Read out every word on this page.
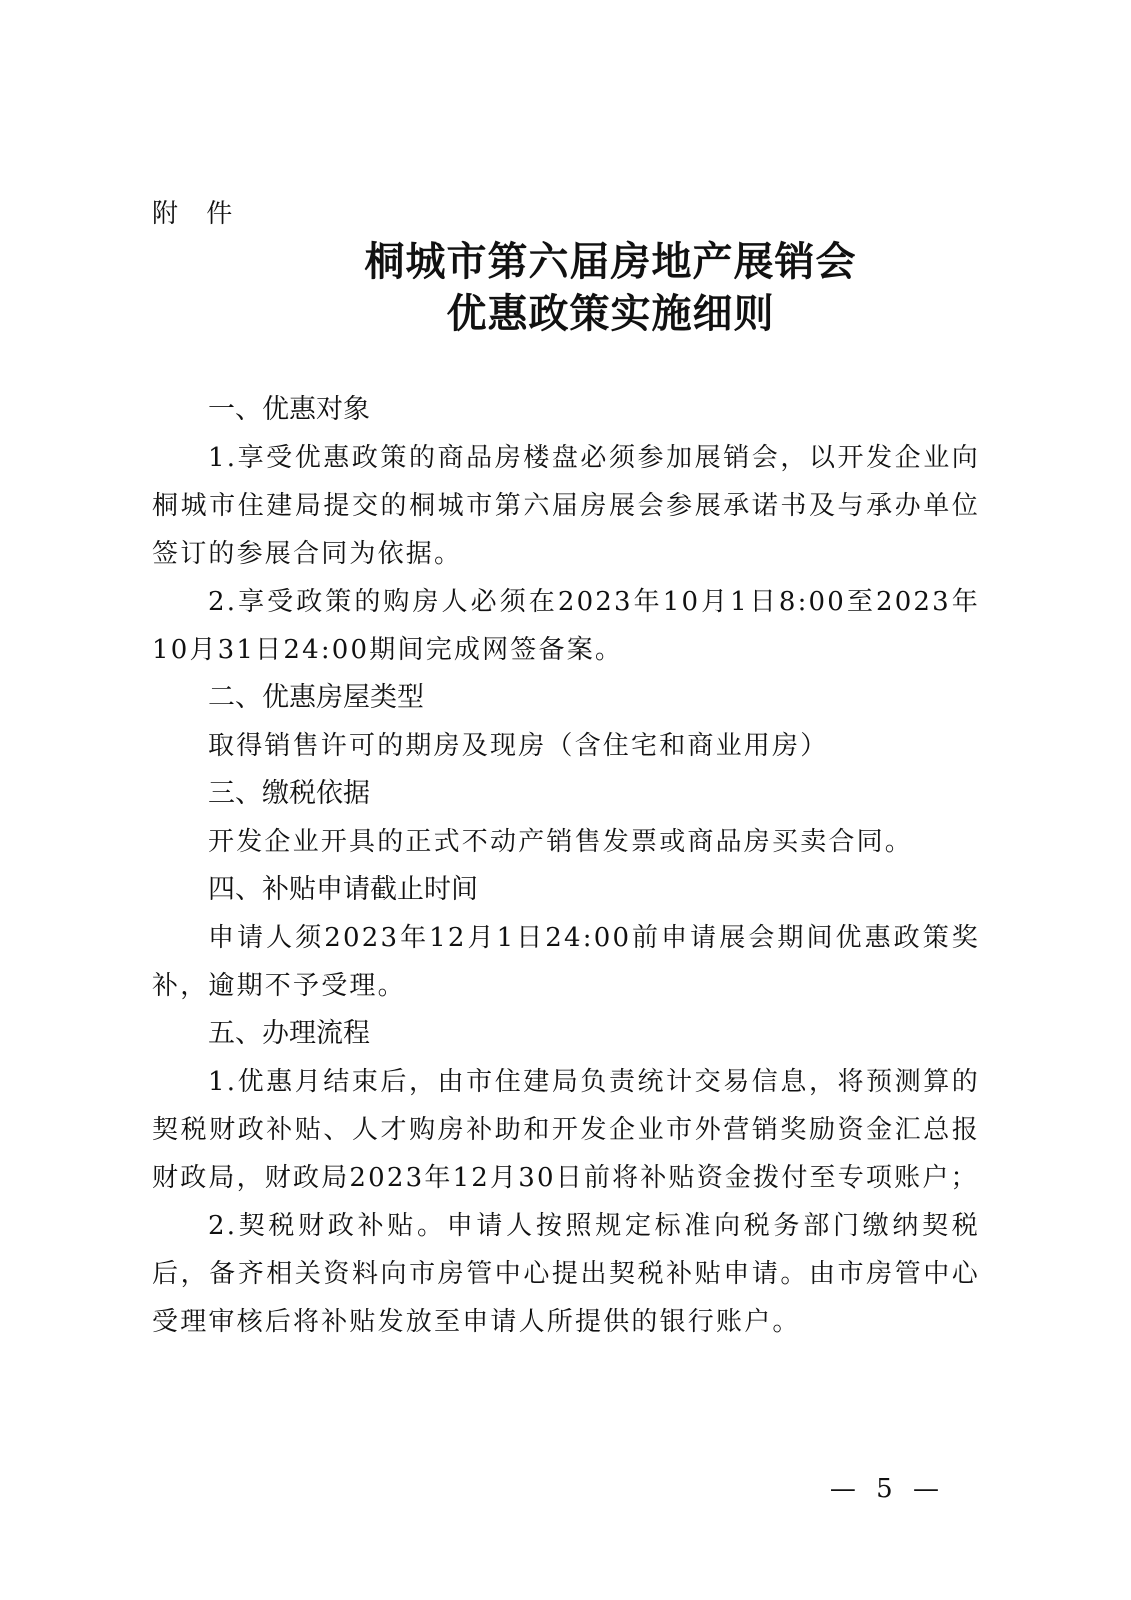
附 件
桐城市第六届房地产展销会
优惠政策实施细则

一、优惠对象

1.享受优惠政策的商品房楼盘必须参加展销会，以开发企业向桐城市住建局提交的桐城市第六届房展会参展承诺书及与承办单位签订的参展合同为依据。

2.享受政策的购房人必须在2023年10月1日8:00至2023年10月31日24:00期间完成网签备案。

二、优惠房屋类型

取得销售许可的期房及现房（含住宅和商业用房）

三、缴税依据

开发企业开具的正式不动产销售发票或商品房买卖合同。

四、补贴申请截止时间

申请人须2023年12月1日24:00前申请展会期间优惠政策奖补，逾期不予受理。

五、办理流程

1.优惠月结束后，由市住建局负责统计交易信息，将预测算的契税财政补贴、人才购房补助和开发企业市外营销奖励资金汇总报财政局，财政局2023年12月30日前将补贴资金拨付至专项账户；

2.契税财政补贴。申请人按照规定标准向税务部门缴纳契税后，备齐相关资料向市房管中心提出契税补贴申请。由市房管中心受理审核后将补贴发放至申请人所提供的银行账户。

— 5 —
